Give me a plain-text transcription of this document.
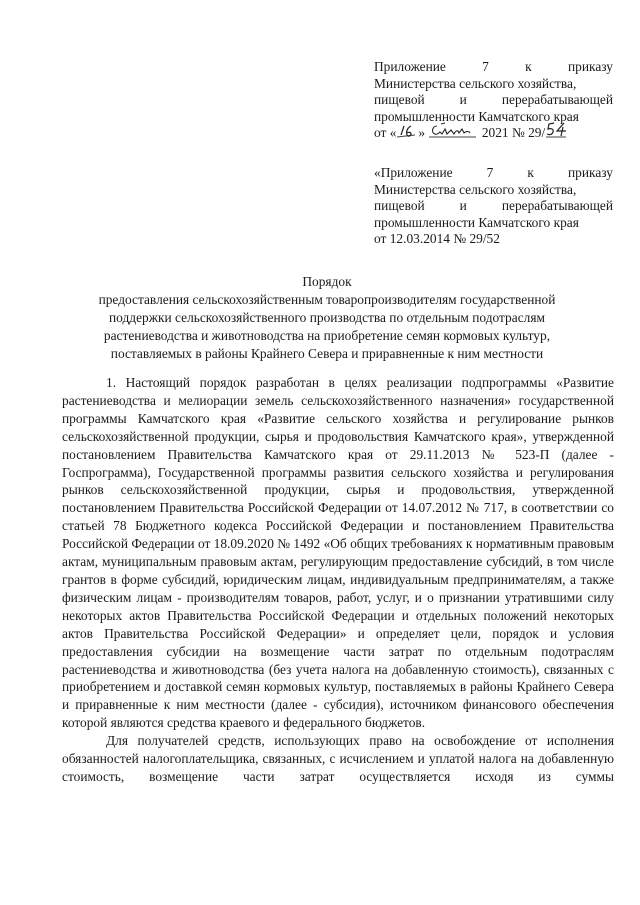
Приложение	7	к	приказу
Министерства сельского хозяйства,
пищевой	и	перерабатывающей
промышленности Камчатского края
от « »	2021 № 29/
«Приложение	7	к	приказу
Министерства сельского хозяйства,
пищевой	и	перерабатывающей
промышленности Камчатского края
от 12.03.2014 № 29/52
Порядок
предоставления сельскохозяйственным товаропроизводителям государственной
поддержки сельскохозяйственного производства по отдельным подотраслям
растениеводства и животноводства на приобретение семян кормовых культур,
поставляемых в районы Крайнего Севера и приравненные к ним местности

1. Настоящий порядок разработан в целях реализации подпрограммы «Развитие растениеводства и мелиорации земель сельскохозяйственного назначения» государственной программы Камчатского края «Развитие сельского хозяйства и регулирование рынков сельскохозяйственной продукции, сырья и продовольствия Камчатского края», утвержденной постановлением Правительства Камчатского края от 29.11.2013 № 523-П (далее - Госпрограмма), Государственной программы развития сельского хозяйства и регулирования рынков сельскохозяйственной продукции, сырья и продовольствия, утвержденной постановлением Правительства Российской Федерации от 14.07.2012 № 717, в соответствии со статьей 78 Бюджетного кодекса Российской Федерации и постановлением Правительства Российской Федерации от 18.09.2020 № 1492 «Об общих требованиях к нормативным правовым актам, муниципальным правовым актам, регулирующим предоставление субсидий, в том числе грантов в форме субсидий, юридическим лицам, индивидуальным предпринимателям, а также физическим лицам - производителям товаров, работ, услуг, и о признании утратившими силу некоторых актов Правительства Российской Федерации и отдельных положений некоторых актов Правительства Российской Федерации» и определяет цели, порядок и условия предоставления субсидии на возмещение части затрат по отдельным подотраслям растениеводства и животноводства (без учета налога на добавленную стоимость), связанных с приобретением и доставкой семян кормовых культур, поставляемых в районы Крайнего Севера и приравненные к ним местности (далее - субсидия), источником финансового обеспечения которой являются средства краевого и федерального бюджетов.

Для получателей средств, использующих право на освобождение от исполнения обязанностей налогоплательщика, связанных, с исчислением и уплатой налога на добавленную стоимость, возмещение части затрат осуществляется исходя из суммы
